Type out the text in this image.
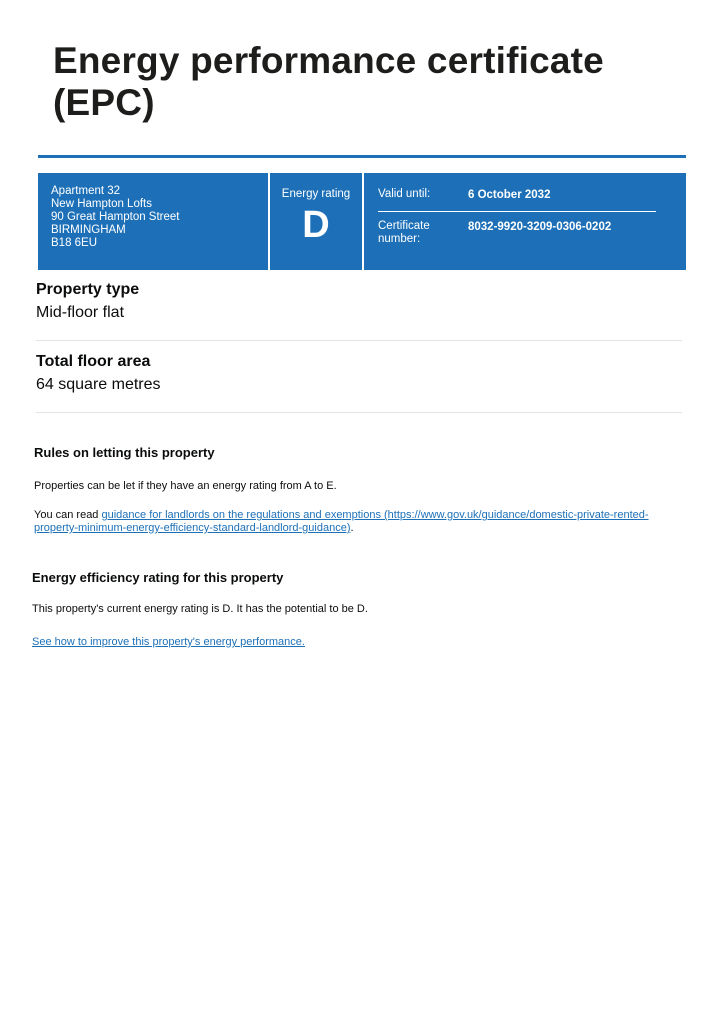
Energy performance certificate (EPC)
Apartment 32
New Hampton Lofts
90 Great Hampton Street
BIRMINGHAM
B18 6EU
Energy rating
D
Valid until:	6 October 2032
Certificate
number:
8032-9920-3209-0306-0202
Property type

Mid-floor flat

Total floor area

64 square metres

Rules on letting this property

Properties can be let if they have an energy rating from A to E.

You can read guidance for landlords on the regulations and exemptions (https://www.gov.uk/guidance/domestic-private-rented-
property-minimum-energy-efficiency-standard-landlord-guidance).

Energy efficiency rating for this property

This property's current energy rating is D. It has the potential to be D.

See how to improve this property's energy performance.
